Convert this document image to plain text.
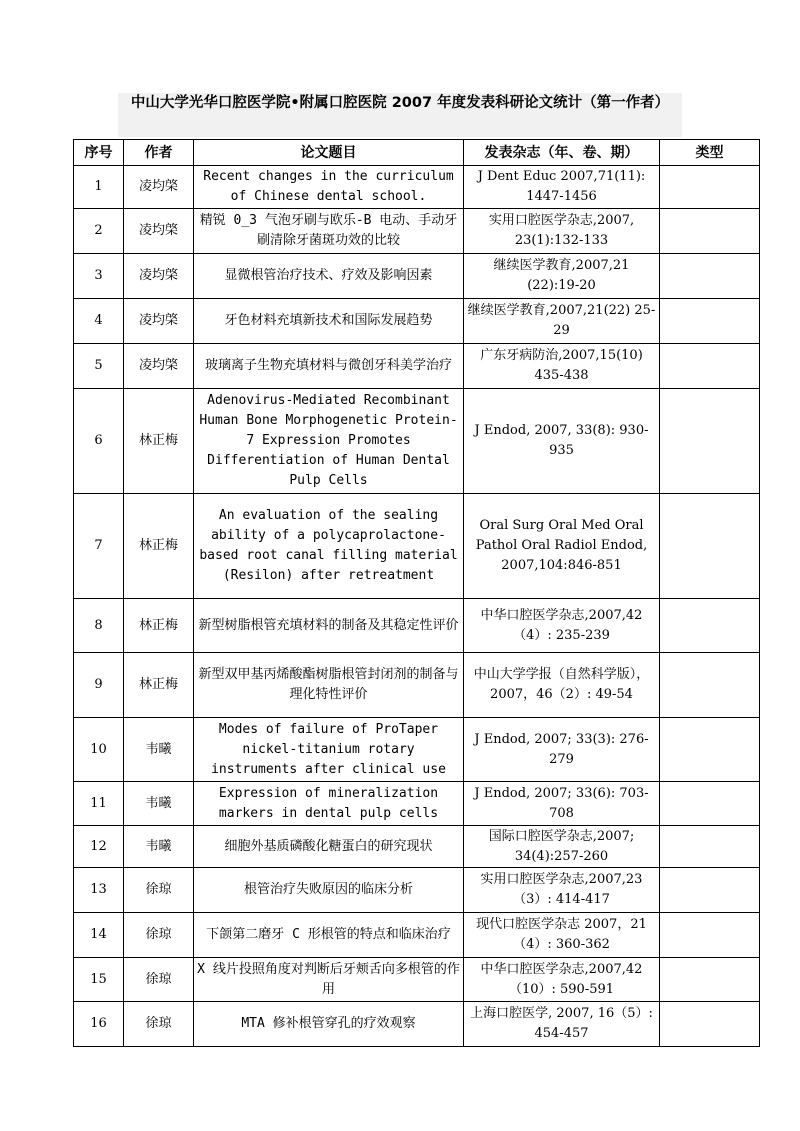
中山大学光华口腔医学院•附属口腔医院 2007 年度发表科研论文统计（第一作者）
序号	作者	论文题目	发表杂志（年、卷、期）	类型
1	凌均棨	Recent changes in the curriculum of Chinese dental school.	J Dent Educ 2007,71(11): 1447-1456	
2	凌均棨	精锐 0_3 气泡牙刷与欧乐-B 电动、手动牙刷清除牙菌斑功效的比较	实用口腔医学杂志,2007, 23(1):132-133	
3	凌均棨	显微根管治疗技术、疗效及影响因素	继续医学教育,2007,21 (22):19-20	
4	凌均棨	牙色材料充填新技术和国际发展趋势	继续医学教育,2007,21(22) 25-29	
5	凌均棨	玻璃离子生物充填材料与微创牙科美学治疗	广东牙病防治,2007,15(10) 435-438	
6	林正梅	Adenovirus-Mediated Recombinant Human Bone Morphogenetic Protein-7 Expression Promotes Differentiation of Human Dental Pulp Cells	J Endod, 2007, 33(8): 930-935	
7	林正梅	An evaluation of the sealing ability of a polycaprolactone-based root canal filling material (Resilon) after retreatment	Oral Surg Oral Med Oral Pathol Oral Radiol Endod, 2007,104:846-851	
8	林正梅	新型树脂根管充填材料的制备及其稳定性评价	中华口腔医学杂志,2007,42（4）: 235-239	
9	林正梅	新型双甲基丙烯酸酯树脂根管封闭剂的制备与理化特性评价	中山大学学报（自然科学版），2007，46（2）: 49-54	
10	韦曦	Modes of failure of ProTaper nickel-titanium rotary instruments after clinical use	J Endod, 2007; 33(3): 276-279	
11	韦曦	Expression of mineralization markers in dental pulp cells	J Endod, 2007; 33(6): 703-708	
12	韦曦	细胞外基质磷酸化糖蛋白的研究现状	国际口腔医学杂志,2007; 34(4):257-260	
13	徐琼	根管治疗失败原因的临床分析	实用口腔医学杂志,2007,23（3）: 414-417	
14	徐琼	下颌第二磨牙 C 形根管的特点和临床治疗	现代口腔医学杂志 2007，21（4）: 360-362	
15	徐琼	X 线片投照角度对判断后牙颊舌向多根管的作用	中华口腔医学杂志,2007,42（10）: 590-591	
16	徐琼	MTA 修补根管穿孔的疗效观察	上海口腔医学, 2007, 16（5）: 454-457	
